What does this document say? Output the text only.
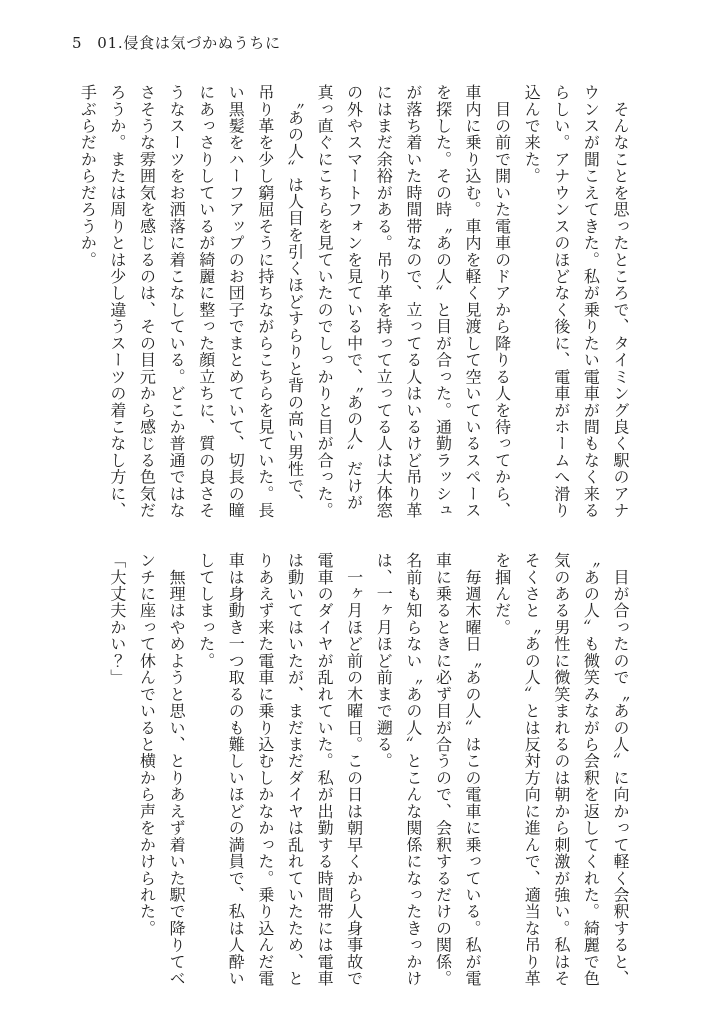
5 01.侵食は気づかぬうちに

　そんなことを思ったところで、タイミング良く駅のアナウンスが聞こえてきた。私が乗りたい電車が間もなく来るらしい。アナウンスのほどなく後に、電車がホームへ滑り込んで来た。

　目の前で開いた電車のドアから降りる人を待ってから、車内に乗り込む。車内を軽く見渡して空いているスペースを探した。その時〝あの人〞と目が合った。通勤ラッシュが落ち着いた時間帯なので、立ってる人はいるけど吊り革にはまだ余裕がある。吊り革を持って立ってる人は大体窓の外やスマートフォンを見ている中で、〝あの人〞だけが真っ直ぐにこちらを見ていたのでしっかりと目が合った。

　〝あの人〞は人目を引くほどすらりと背の高い男性で、吊り革を少し窮屈そうに持ちながらこちらを見ていた。長い黒髪をハーフアップのお団子でまとめていて、切長の瞳にあっさりしているが綺麗に整った顔立ちに、質の良さそうなスーツをお洒落に着こなしている。どこか普通ではなさそうな雰囲気を感じるのは、その目元から感じる色気だろうか。または周りとは少し違うスーツの着こなし方に、手ぶらだからだろうか。

　目が合ったので〝あの人〞に向かって軽く会釈すると、〝あの人〞も微笑みながら会釈を返してくれた。綺麗で色気のある男性に微笑まれるのは朝から刺激が強い。私はそそくさと〝あの人〞とは反対方向に進んで、適当な吊り革を掴んだ。

　毎週木曜日〝あの人〞はこの電車に乗っている。私が電車に乗るときに必ず目が合うので、会釈するだけの関係。名前も知らない〝あの人〞とこんな関係になったきっかけは、一ヶ月ほど前まで遡る。

　一ヶ月ほど前の木曜日。この日は朝早くから人身事故で電車のダイヤが乱れていた。私が出勤する時間帯には電車は動いてはいたが、まだまだダイヤは乱れていたため、とりあえず来た電車に乗り込むしかなかった。乗り込んだ電車は身動き一つ取るのも難しいほどの満員で、私は人酔いしてしまった。

　無理はやめようと思い、とりあえず着いた駅で降りてベンチに座って休んでいると横から声をかけられた。

「大丈夫かい？」
